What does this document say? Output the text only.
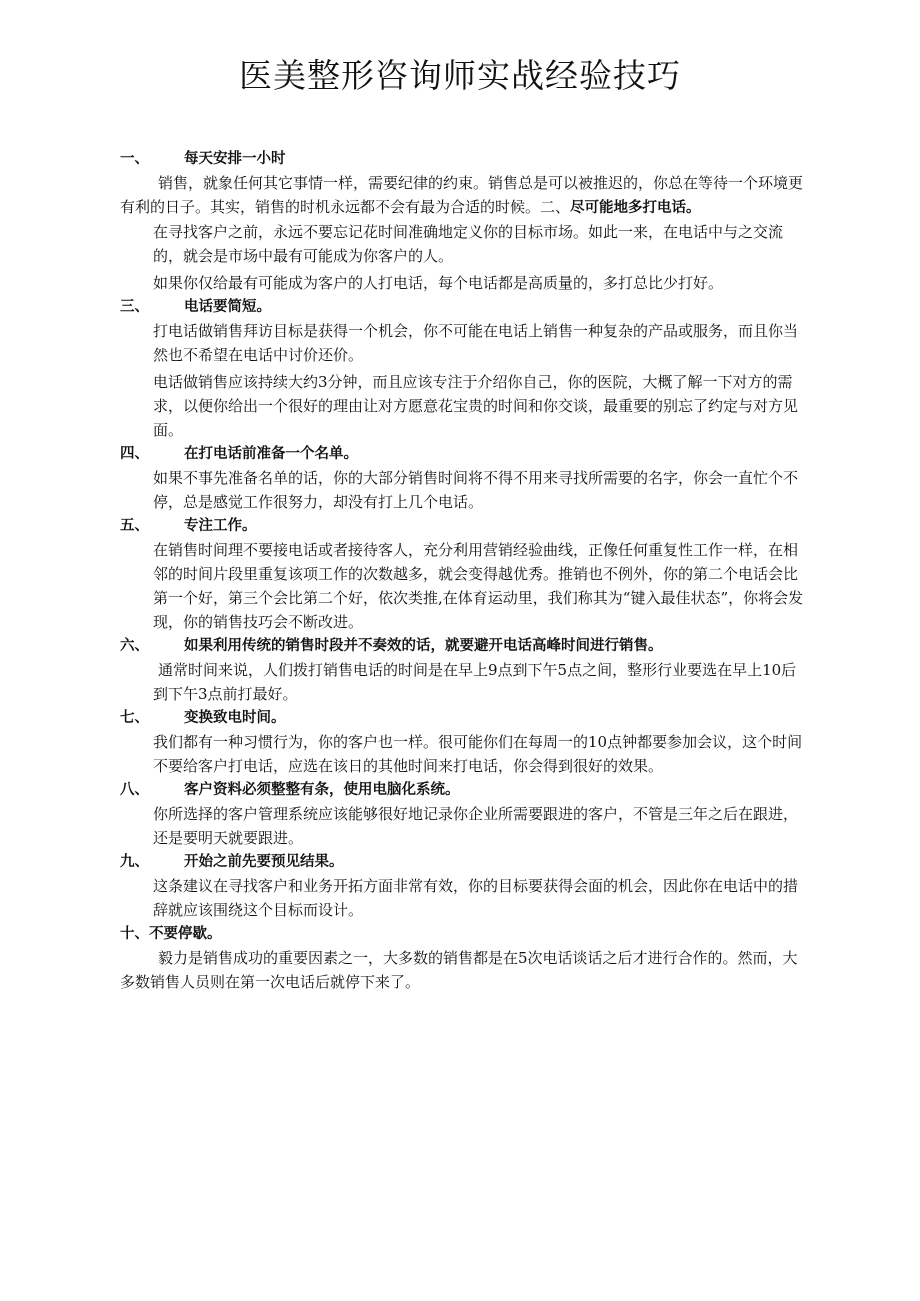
医美整形咨询师实战经验技巧
一、 每天安排一小时

销售，就象任何其它事情一样，需要纪律的约束。销售总是可以被推迟的，你总在等待一个环境更有利的日子。其实，销售的时机永远都不会有最为合适的时候。二、尽可能地多打电话。

在寻找客户之前，永远不要忘记花时间准确地定义你的目标市场。如此一来，在电话中与之交流的，就会是市场中最有可能成为你客户的人。

如果你仅给最有可能成为客户的人打电话，每个电话都是高质量的，多打总比少打好。

三、 电话要简短。

打电话做销售拜访目标是获得一个机会，你不可能在电话上销售一种复杂的产品或服务，而且你当然也不希望在电话中讨价还价。

电话做销售应该持续大约3分钟，而且应该专注于介绍你自己，你的医院，大概了解一下对方的需求，以便你给出一个很好的理由让对方愿意花宝贵的时间和你交谈，最重要的别忘了约定与对方见面。

四、 在打电话前准备一个名单。

如果不事先准备名单的话，你的大部分销售时间将不得不用来寻找所需要的名字，你会一直忙个不停，总是感觉工作很努力，却没有打上几个电话。

五、 专注工作。

在销售时间理不要接电话或者接待客人，充分利用营销经验曲线，正像任何重复性工作一样，在相邻的时间片段里重复该项工作的次数越多，就会变得越优秀。推销也不例外，你的第二个电话会比第一个好，第三个会比第二个好，依次类推,在体育运动里，我们称其为“键入最佳状态”，你将会发现，你的销售技巧会不断改进。

六、 如果利用传统的销售时段并不奏效的话，就要避开电话高峰时间进行销售。

通常时间来说，人们拨打销售电话的时间是在早上9点到下午5点之间，整形行业要选在早上10后到下午3点前打最好。

七、 变换致电时间。

我们都有一种习惯行为，你的客户也一样。很可能你们在每周一的10点钟都要参加会议，这个时间不要给客户打电话，应选在该日的其他时间来打电话，你会得到很好的效果。

八、 客户资料必须整整有条，使用电脑化系统。

你所选择的客户管理系统应该能够很好地记录你企业所需要跟进的客户，不管是三年之后在跟进，还是要明天就要跟进。

九、 开始之前先要预见结果。

这条建议在寻找客户和业务开拓方面非常有效，你的目标要获得会面的机会，因此你在电话中的措辞就应该围绕这个目标而设计。

十、不要停歇。

毅力是销售成功的重要因素之一，大多数的销售都是在5次电话谈话之后才进行合作的。然而，大多数销售人员则在第一次电话后就停下来了。
